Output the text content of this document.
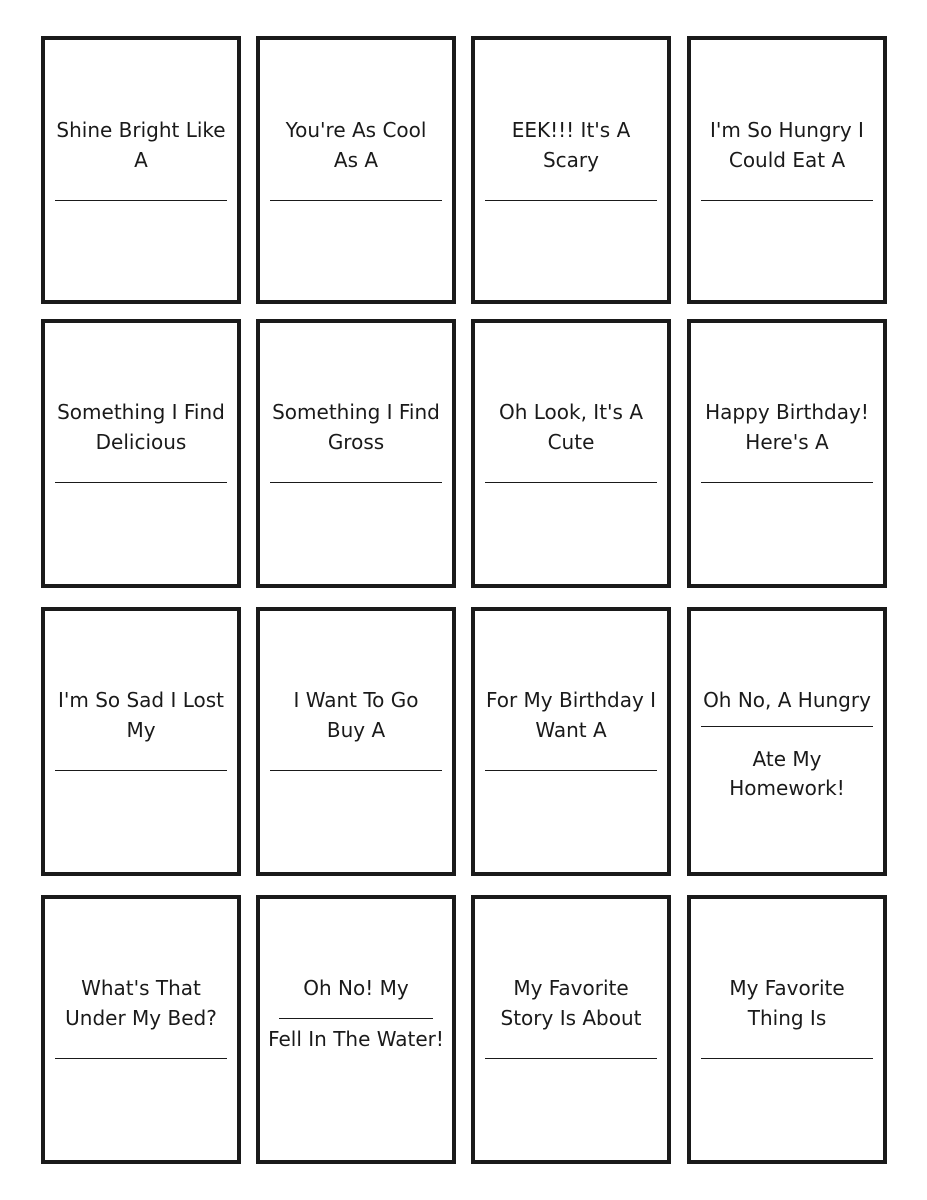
Shine Bright Like
A
You're As Cool
As A
EEK!!! It's A
Scary
I'm So Hungry I
Could Eat A
Something I Find
Delicious
Something I Find
Gross
Oh Look, It's A
Cute
Happy Birthday!
Here's A
I'm So Sad I Lost
My
I Want To Go
Buy A
For My Birthday I
Want A
Oh No, A Hungry
Ate My
Homework!
What's That
Under My Bed?
Oh No! My
Fell In The Water!
My Favorite
Story Is About
My Favorite
Thing Is
